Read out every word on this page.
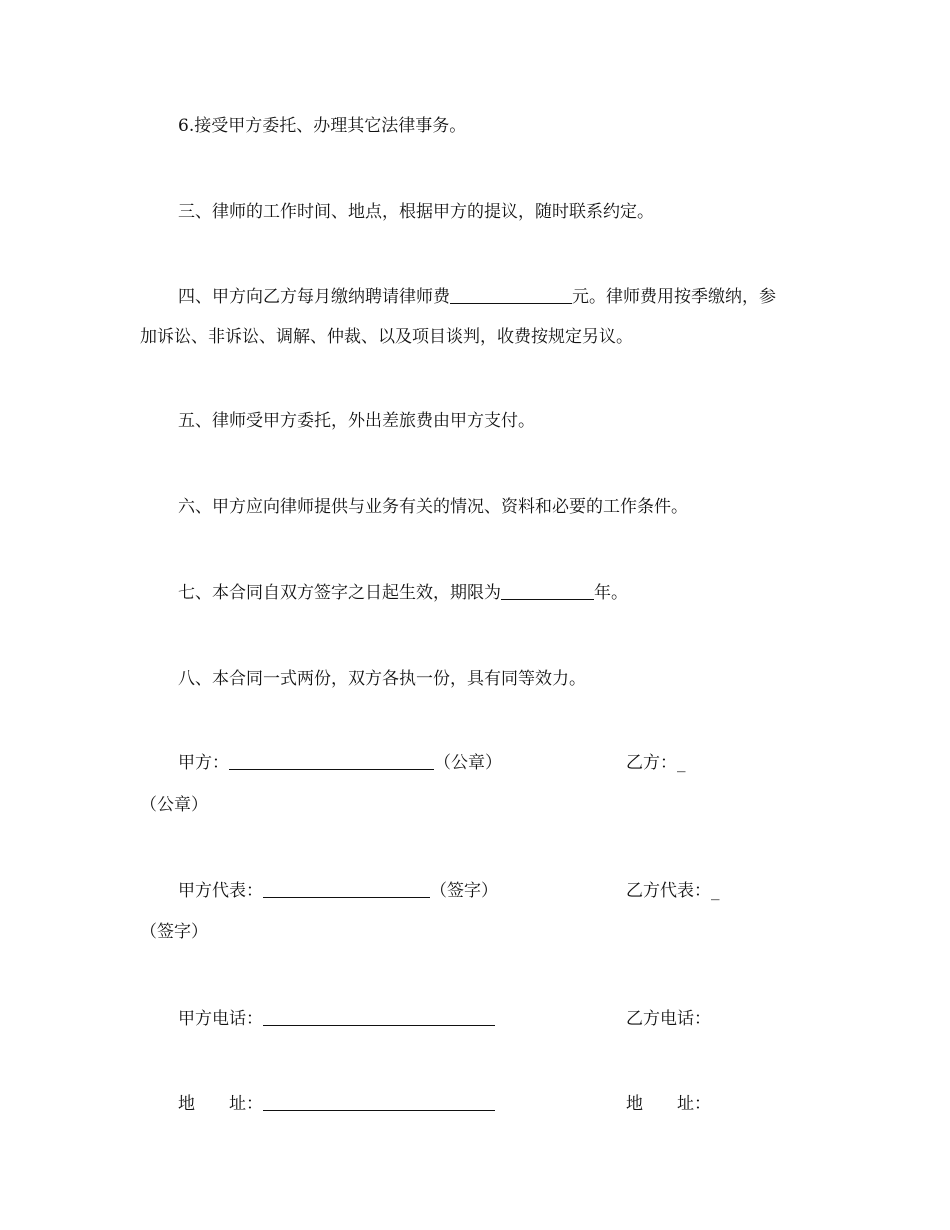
6.接受甲方委托、办理其它法律事务。
三、律师的工作时间、地点，根据甲方的提议，随时联系约定。
四、甲方向乙方每月缴纳聘请律师费	元。律师费用按季缴纳，参
加诉讼、非诉讼、调解、仲裁、以及项目谈判，收费按规定另议。
五、律师受甲方委托，外出差旅费由甲方支付。
六、甲方应向律师提供与业务有关的情况、资料和必要的工作条件。
七、本合同自双方签字之日起生效，期限为	年。
八、本合同一式两份，双方各执一份，具有同等效力。
甲方：	（公章）	乙方：_
（公章）
甲方代表：	（签字）	乙方代表：_
（签字）
甲方电话：	乙方电话：
地　　址：	地　　址：
